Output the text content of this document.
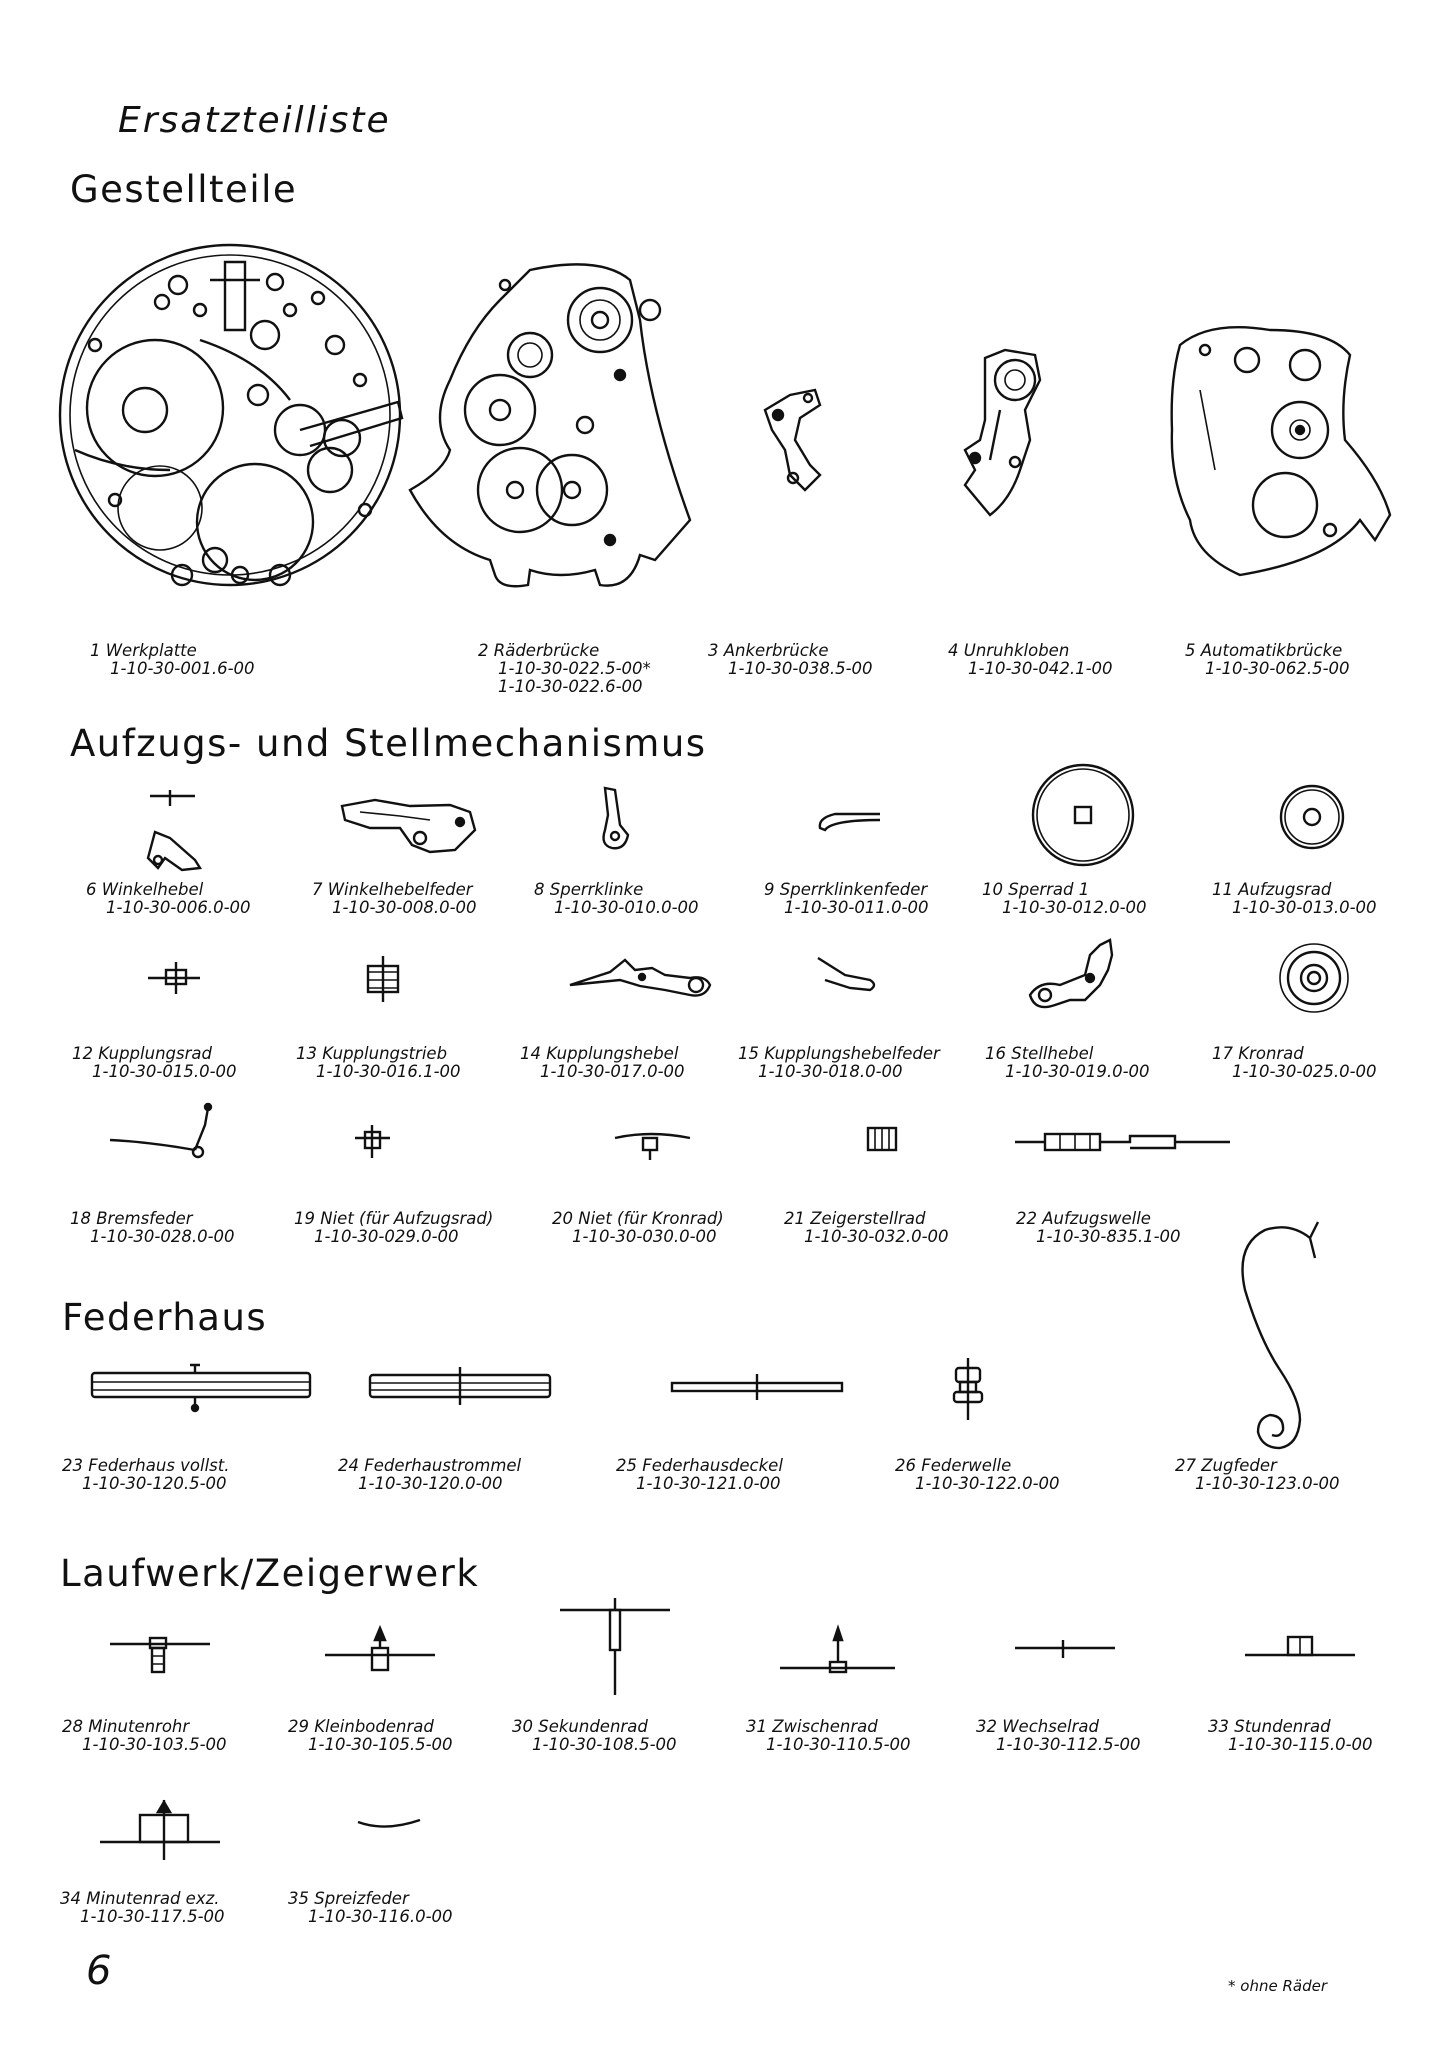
Ersatzteilliste
Gestellteile
Aufzugs- und Stellmechanismus
Federhaus
Laufwerk/Zeigerwerk
1 Werkplatte
1-10-30-001.6-00
2 Räderbrücke
1-10-30-022.5-00*
1-10-30-022.6-00
3 Ankerbrücke
1-10-30-038.5-00
4 Unruhkloben
1-10-30-042.1-00
5 Automatikbrücke
1-10-30-062.5-00
6 Winkelhebel
1-10-30-006.0-00
7 Winkelhebelfeder
1-10-30-008.0-00
8 Sperrklinke
1-10-30-010.0-00
9 Sperrklinkenfeder
1-10-30-011.0-00
10 Sperrad 1
1-10-30-012.0-00
11 Aufzugsrad
1-10-30-013.0-00
12 Kupplungsrad
1-10-30-015.0-00
13 Kupplungstrieb
1-10-30-016.1-00
14 Kupplungshebel
1-10-30-017.0-00
15 Kupplungshebelfeder
1-10-30-018.0-00
16 Stellhebel
1-10-30-019.0-00
17 Kronrad
1-10-30-025.0-00
18 Bremsfeder
1-10-30-028.0-00
19 Niet (für Aufzugsrad)
1-10-30-029.0-00
20 Niet (für Kronrad)
1-10-30-030.0-00
21 Zeigerstellrad
1-10-30-032.0-00
22 Aufzugswelle
1-10-30-835.1-00
23 Federhaus vollst.
1-10-30-120.5-00
24 Federhaustrommel
1-10-30-120.0-00
25 Federhausdeckel
1-10-30-121.0-00
26 Federwelle
1-10-30-122.0-00
27 Zugfeder
1-10-30-123.0-00
28 Minutenrohr
1-10-30-103.5-00
29 Kleinbodenrad
1-10-30-105.5-00
30 Sekundenrad
1-10-30-108.5-00
31 Zwischenrad
1-10-30-110.5-00
32 Wechselrad
1-10-30-112.5-00
33 Stundenrad
1-10-30-115.0-00
34 Minutenrad exz.
1-10-30-117.5-00
35 Spreizfeder
1-10-30-116.0-00
6	* ohne Räder
